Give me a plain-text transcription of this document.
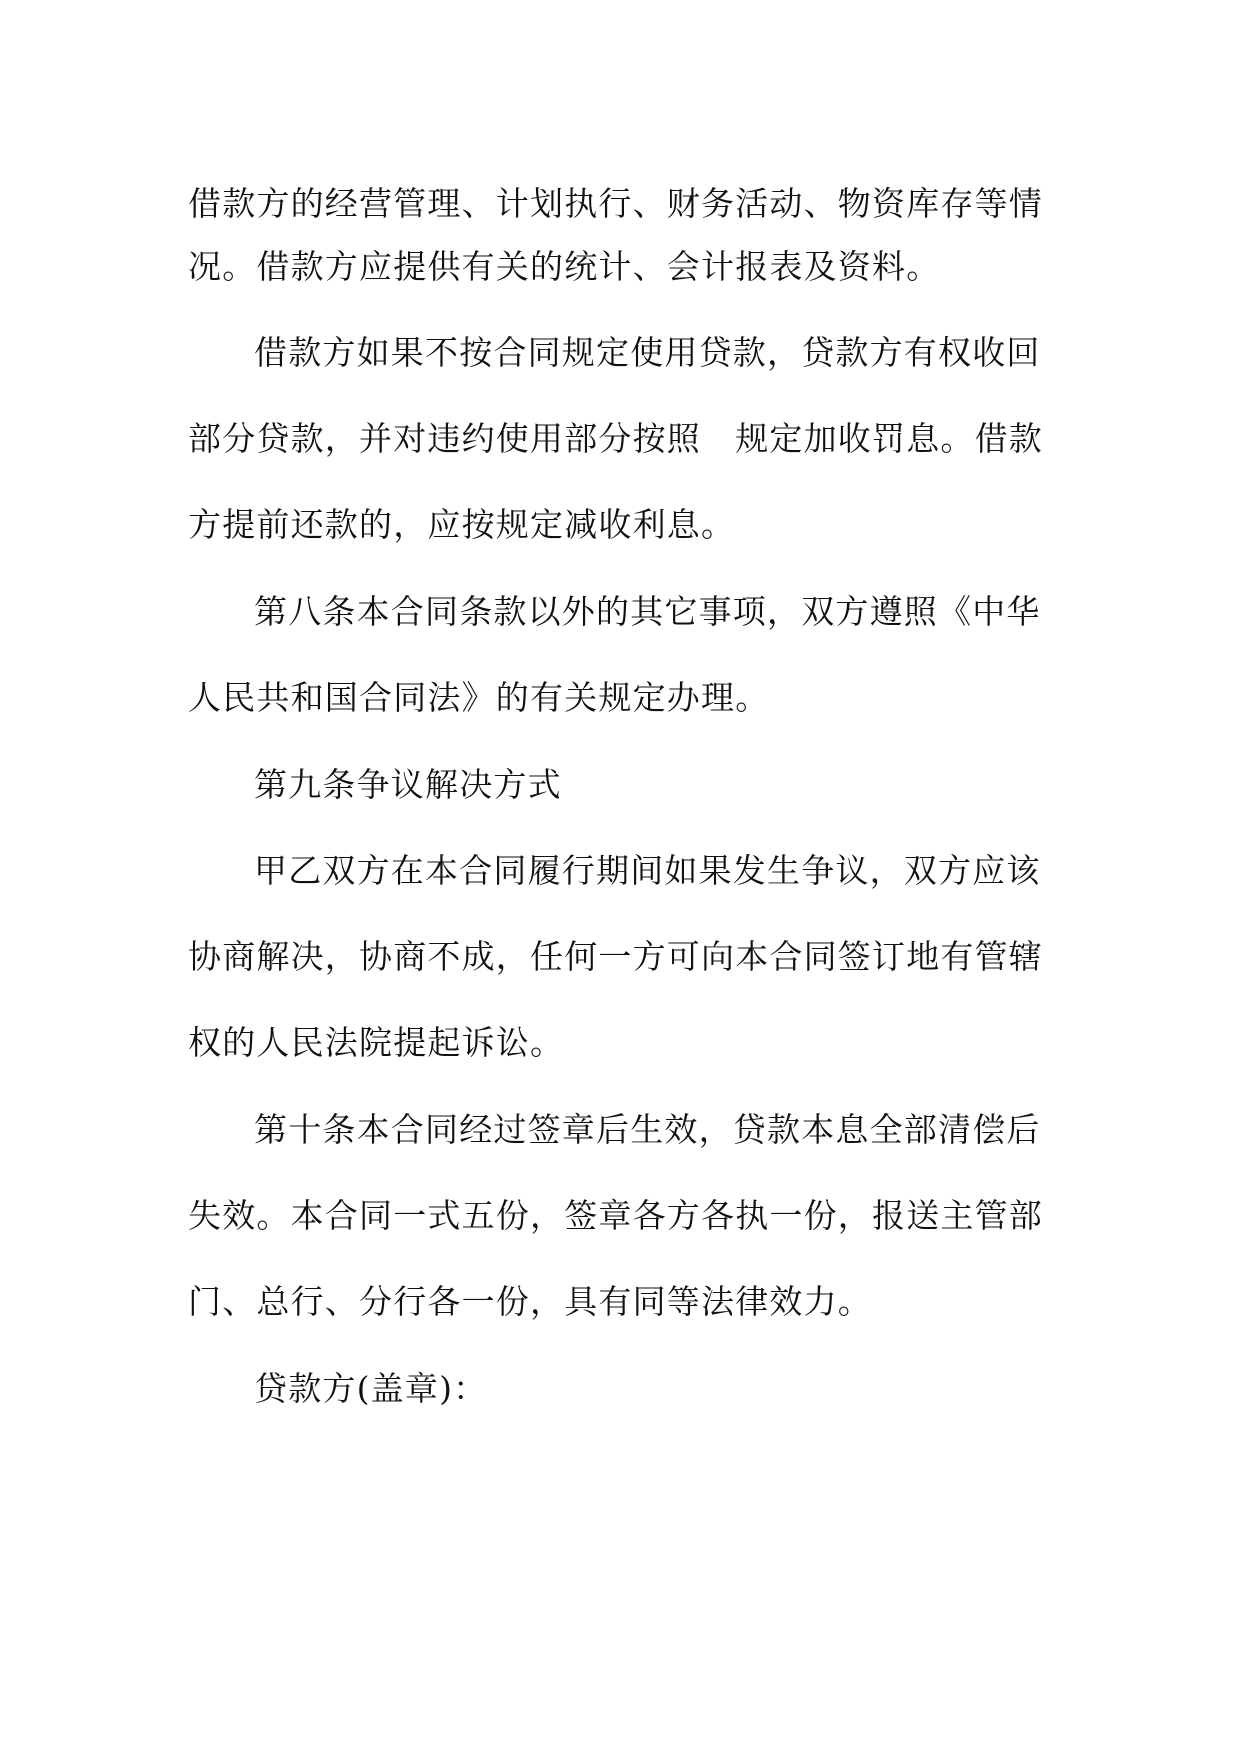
借款方的经营管理、计划执行、财务活动、物资库存等情
况。借款方应提供有关的统计、会计报表及资料。
借款方如果不按合同规定使用贷款，贷款方有权收回
部分贷款，并对违约使用部分按照　规定加收罚息。借款
方提前还款的，应按规定减收利息。
第八条本合同条款以外的其它事项，双方遵照《中华
人民共和国合同法》的有关规定办理。
第九条争议解决方式
甲乙双方在本合同履行期间如果发生争议，双方应该
协商解决，协商不成，任何一方可向本合同签订地有管辖
权的人民法院提起诉讼。
第十条本合同经过签章后生效，贷款本息全部清偿后
失效。本合同一式五份，签章各方各执一份，报送主管部
门、总行、分行各一份，具有同等法律效力。
贷款方(盖章)：
